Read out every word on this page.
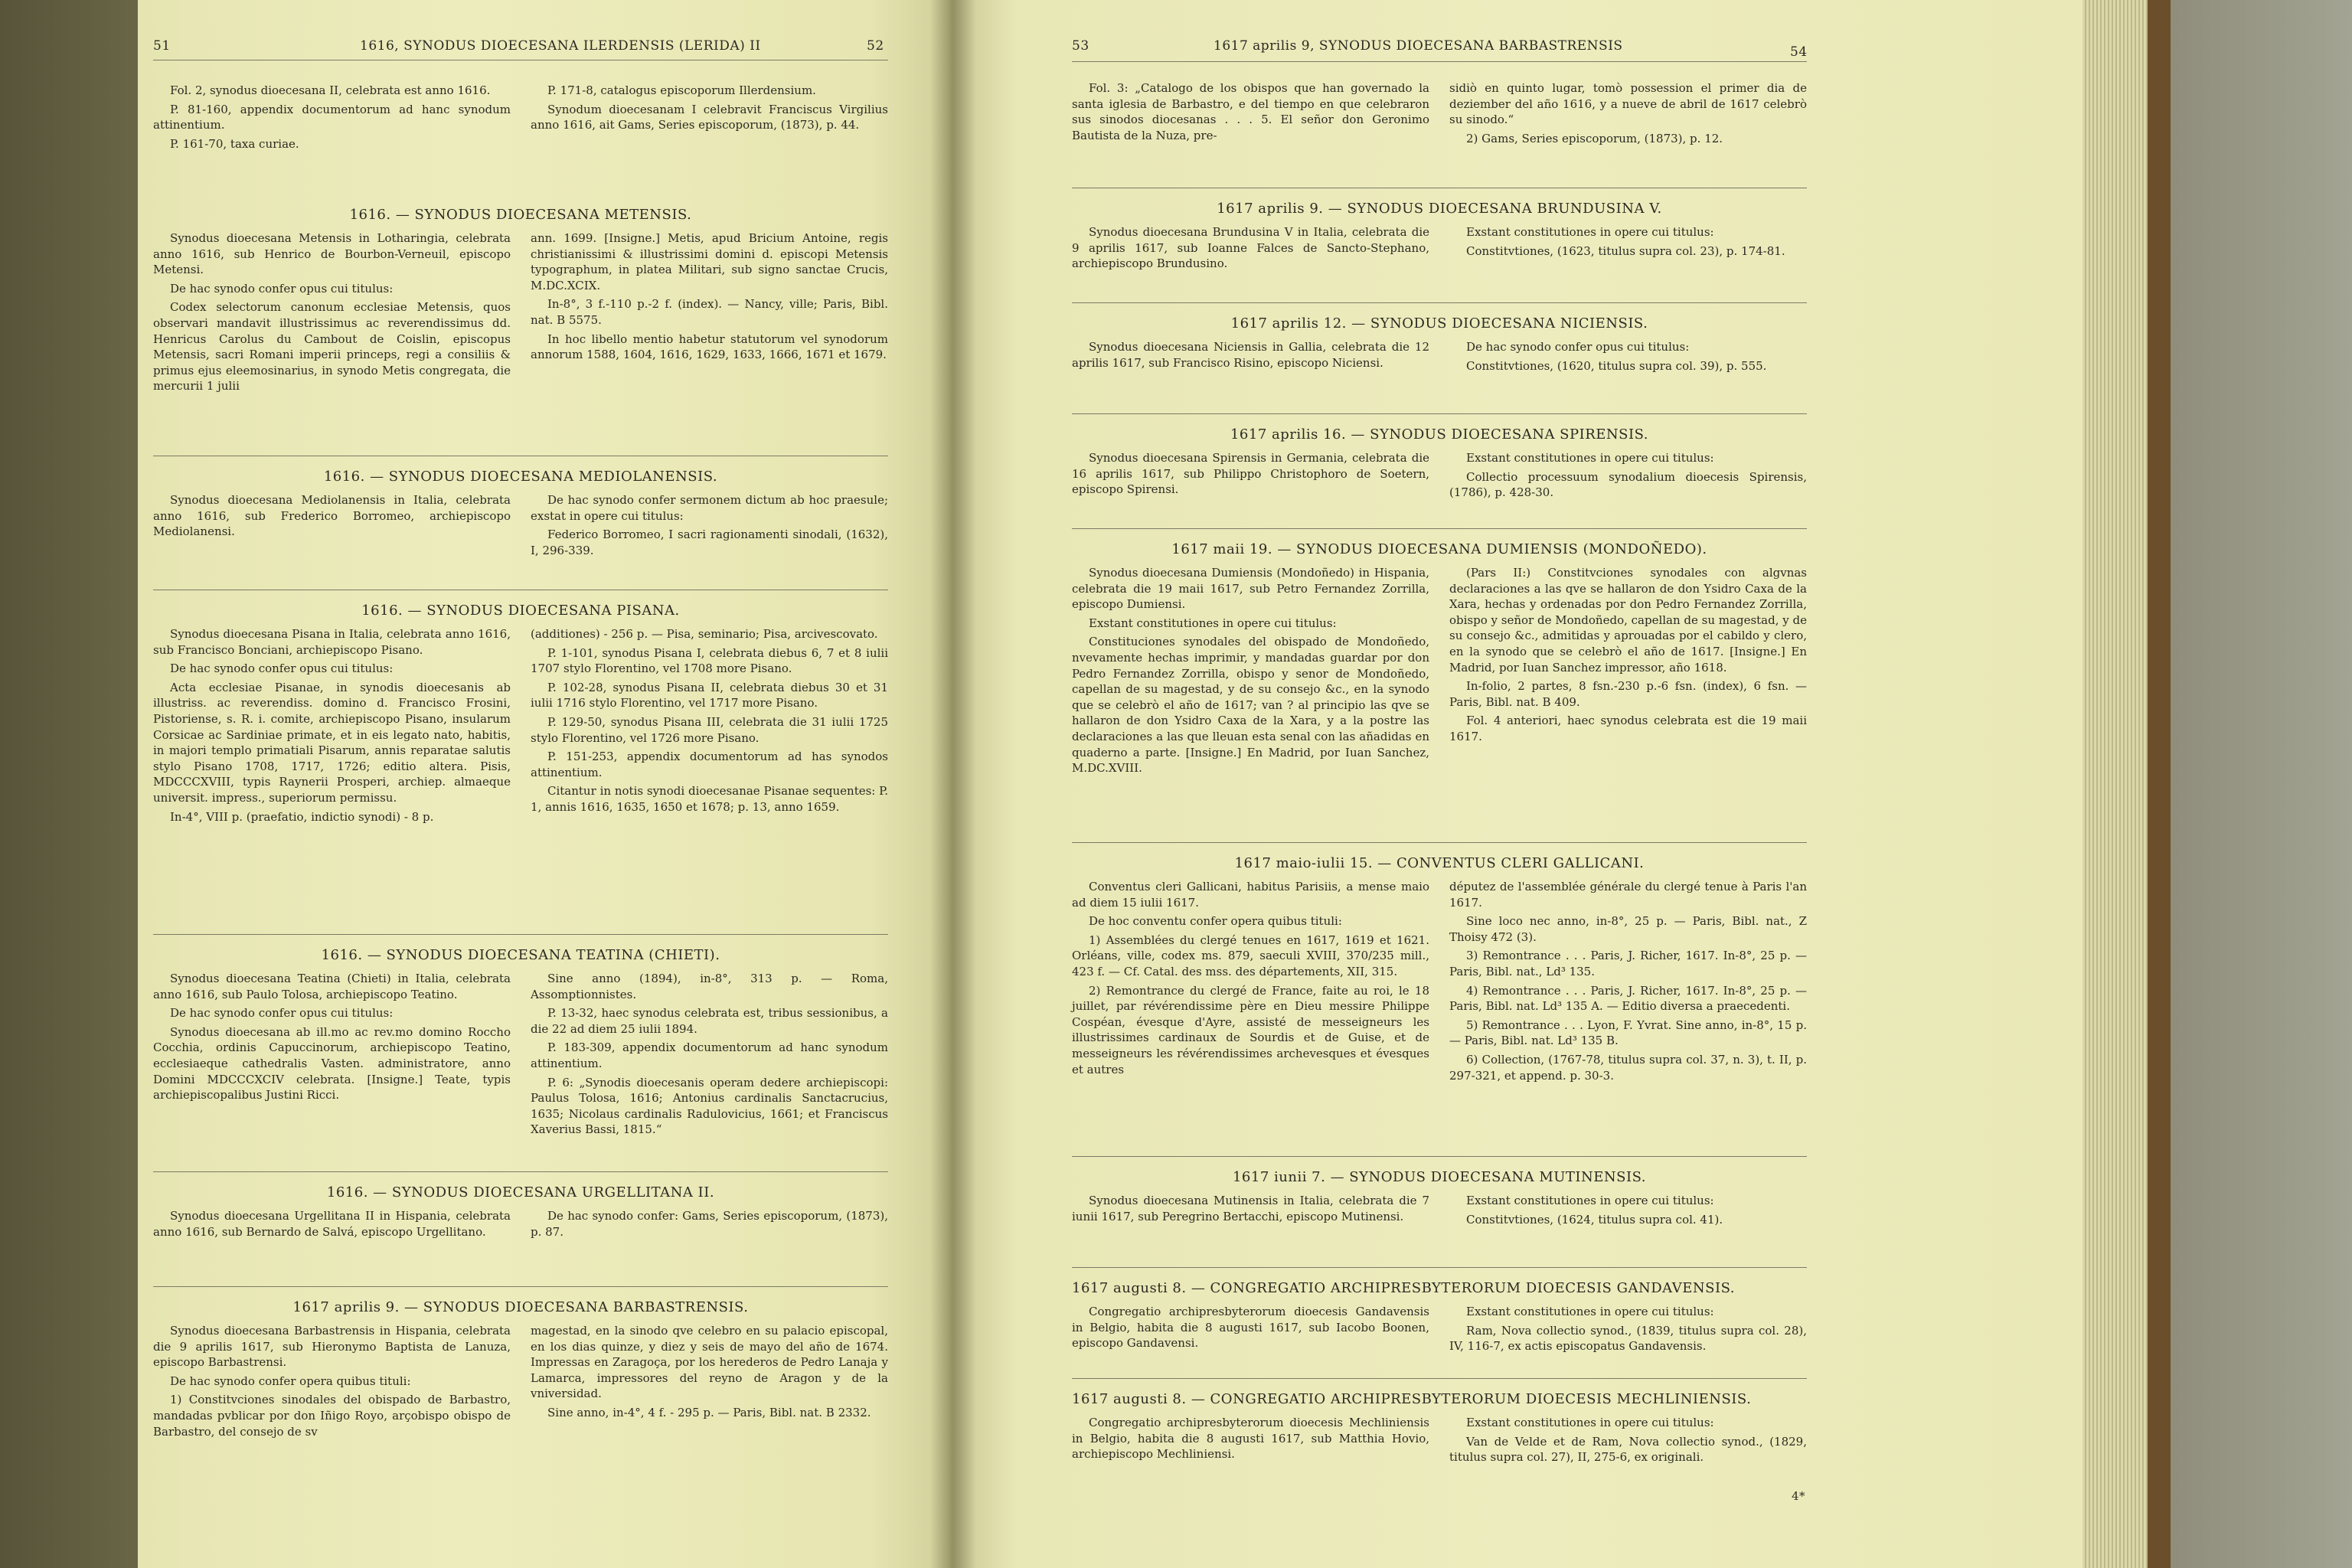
51	1616, SYNODUS DIOECESANA ILERDENSIS (LERIDA) II	52

Fol. 2, synodus dioecesana II, celebrata est anno 1616.

P. 81-160, appendix documentorum ad hanc synodum attinentium.

P. 161-70, taxa curiae.

P. 171-8, catalogus episcoporum Illerdensium.

Synodum dioecesanam I celebravit Franciscus Virgilius anno 1616, ait Gams, Series episcoporum, (1873), p. 44.

1616. — SYNODUS DIOECESANA METENSIS.

Synodus dioecesana Metensis in Lotharingia, celebrata anno 1616, sub Henrico de Bourbon-Verneuil, episcopo Metensi.

De hac synodo confer opus cui titulus:

Codex selectorum canonum ecclesiae Metensis, quos observari mandavit illustrissimus ac reverendissimus dd. Henricus Carolus du Cambout de Coislin, episcopus Metensis, sacri Romani imperii princeps, regi a consiliis & primus ejus eleemosinarius, in synodo Metis congregata, die mercurii 1 julii

ann. 1699. [Insigne.] Metis, apud Bricium Antoine, regis christianissimi & illustrissimi domini d. episcopi Metensis typographum, in platea Militari, sub signo sanctae Crucis, M.DC.XCIX.

In-8°, 3 f.-110 p.-2 f. (index). — Nancy, ville; Paris, Bibl. nat. B 5575.

In hoc libello mentio habetur statutorum vel synodorum annorum 1588, 1604, 1616, 1629, 1633, 1666, 1671 et 1679.

1616. — SYNODUS DIOECESANA MEDIOLANENSIS.

Synodus dioecesana Mediolanensis in Italia, celebrata anno 1616, sub Frederico Borromeo, archiepiscopo Mediolanensi.

De hac synodo confer sermonem dictum ab hoc praesule; exstat in opere cui titulus:

Federico Borromeo, I sacri ragionamenti sinodali, (1632), I, 296-339.

1616. — SYNODUS DIOECESANA PISANA.

Synodus dioecesana Pisana in Italia, celebrata anno 1616, sub Francisco Bonciani, archiepiscopo Pisano.

De hac synodo confer opus cui titulus:

Acta ecclesiae Pisanae, in synodis dioecesanis ab illustriss. ac reverendiss. domino d. Francisco Frosini, Pistoriense, s. R. i. comite, archiepiscopo Pisano, insularum Corsicae ac Sardiniae primate, et in eis legato nato, habitis, in majori templo primatiali Pisarum, annis reparatae salutis stylo Pisano 1708, 1717, 1726; editio altera. Pisis, MDCCCXVIII, typis Raynerii Prosperi, archiep. almaeque universit. impress., superiorum permissu.

In-4°, VIII p. (praefatio, indictio synodi) - 8 p.

(additiones) - 256 p. — Pisa, seminario; Pisa, arcivescovato.

P. 1-101, synodus Pisana I, celebrata diebus 6, 7 et 8 iulii 1707 stylo Florentino, vel 1708 more Pisano.

P. 102-28, synodus Pisana II, celebrata diebus 30 et 31 iulii 1716 stylo Florentino, vel 1717 more Pisano.

P. 129-50, synodus Pisana III, celebrata die 31 iulii 1725 stylo Florentino, vel 1726 more Pisano.

P. 151-253, appendix documentorum ad has synodos attinentium.

Citantur in notis synodi dioecesanae Pisanae sequentes: P. 1, annis 1616, 1635, 1650 et 1678; p. 13, anno 1659.

1616. — SYNODUS DIOECESANA TEATINA (CHIETI).

Synodus dioecesana Teatina (Chieti) in Italia, celebrata anno 1616, sub Paulo Tolosa, archiepiscopo Teatino.

De hac synodo confer opus cui titulus:

Synodus dioecesana ab ill.mo ac rev.mo domino Roccho Cocchia, ordinis Capuccinorum, archiepiscopo Teatino, ecclesiaeque cathedralis Vasten. administratore, anno Domini MDCCCXCIV celebrata. [Insigne.] Teate, typis archiepiscopalibus Justini Ricci.

Sine anno (1894), in-8°, 313 p. — Roma, Assomptionnistes.

P. 13-32, haec synodus celebrata est, tribus sessionibus, a die 22 ad diem 25 iulii 1894.

P. 183-309, appendix documentorum ad hanc synodum attinentium.

P. 6: „Synodis dioecesanis operam dedere archiepiscopi: Paulus Tolosa, 1616; Antonius cardinalis Sanctacrucius, 1635; Nicolaus cardinalis Radulovicius, 1661; et Franciscus Xaverius Bassi, 1815.“

1616. — SYNODUS DIOECESANA URGELLITANA II.

Synodus dioecesana Urgellitana II in Hispania, celebrata anno 1616, sub Bernardo de Salvá, episcopo Urgellitano.

De hac synodo confer: Gams, Series episcoporum, (1873), p. 87.

1617 aprilis 9. — SYNODUS DIOECESANA BARBASTRENSIS.

Synodus dioecesana Barbastrensis in Hispania, celebrata die 9 aprilis 1617, sub Hieronymo Baptista de Lanuza, episcopo Barbastrensi.

De hac synodo confer opera quibus tituli:

1) Constitvciones sinodales del obispado de Barbastro, mandadas pvblicar por don Iñigo Royo, arçobispo obispo de Barbastro, del consejo de sv

magestad, en la sinodo qve celebro en su palacio episcopal, en los dias quinze, y diez y seis de mayo del año de 1674. Impressas en Zaragoça, por los herederos de Pedro Lanaja y Lamarca, impressores del reyno de Aragon y de la vniversidad.

Sine anno, in-4°, 4 f. - 295 p. — Paris, Bibl. nat. B 2332.

53	1617 aprilis 9, SYNODUS DIOECESANA BARBASTRENSIS	54

Fol. 3: „Catalogo de los obispos que han governado la santa iglesia de Barbastro, e del tiempo en que celebraron sus sinodos diocesanas . . . 5. El señor don Geronimo Bautista de la Nuza, pre-

sidiò en quinto lugar, tomò possession el primer dia de deziember del año 1616, y a nueve de abril de 1617 celebrò su sinodo.“

2) Gams, Series episcoporum, (1873), p. 12.

1617 aprilis 9. — SYNODUS DIOECESANA BRUNDUSINA V.

Synodus dioecesana Brundusina V in Italia, celebrata die 9 aprilis 1617, sub Ioanne Falces de Sancto-Stephano, archiepiscopo Brundusino.

Exstant constitutiones in opere cui titulus:

Constitvtiones, (1623, titulus supra col. 23), p. 174-81.

1617 aprilis 12. — SYNODUS DIOECESANA NICIENSIS.

Synodus dioecesana Niciensis in Gallia, celebrata die 12 aprilis 1617, sub Francisco Risino, episcopo Niciensi.

De hac synodo confer opus cui titulus:

Constitvtiones, (1620, titulus supra col. 39), p. 555.

1617 aprilis 16. — SYNODUS DIOECESANA SPIRENSIS.

Synodus dioecesana Spirensis in Germania, celebrata die 16 aprilis 1617, sub Philippo Christophoro de Soetern, episcopo Spirensi.

Exstant constitutiones in opere cui titulus:

Collectio processuum synodalium dioecesis Spirensis, (1786), p. 428-30.

1617 maii 19. — SYNODUS DIOECESANA DUMIENSIS (MONDOÑEDO).

Synodus dioecesana Dumiensis (Mondoñedo) in Hispania, celebrata die 19 maii 1617, sub Petro Fernandez Zorrilla, episcopo Dumiensi.

Exstant constitutiones in opere cui titulus:

Constituciones synodales del obispado de Mondoñedo, nvevamente hechas imprimir, y mandadas guardar por don Pedro Fernandez Zorrilla, obispo y senor de Mondoñedo, capellan de su magestad, y de su consejo &c., en la synodo que se celebrò el año de 1617; van ? al principio las qve se hallaron de don Ysidro Caxa de la Xara, y a la postre las declaraciones a las que lleuan esta senal con las añadidas en quaderno a parte. [Insigne.] En Madrid, por Iuan Sanchez, M.DC.XVIII.

(Pars II:) Constitvciones synodales con algvnas declaraciones a las qve se hallaron de don Ysidro Caxa de la Xara, hechas y ordenadas por don Pedro Fernandez Zorrilla, obispo y señor de Mondoñedo, capellan de su magestad, y de su consejo &c., admitidas y aprouadas por el cabildo y clero, en la synodo que se celebrò el año de 1617. [Insigne.] En Madrid, por Iuan Sanchez impressor, año 1618.

In-folio, 2 partes, 8 fsn.-230 p.-6 fsn. (index), 6 fsn. — Paris, Bibl. nat. B 409.

Fol. 4 anteriori, haec synodus celebrata est die 19 maii 1617.

1617 maio-iulii 15. — CONVENTUS CLERI GALLICANI.

Conventus cleri Gallicani, habitus Parisiis, a mense maio ad diem 15 iulii 1617.

De hoc conventu confer opera quibus tituli:

1) Assemblées du clergé tenues en 1617, 1619 et 1621. Orléans, ville, codex ms. 879, saeculi XVIII, 370/235 mill., 423 f. — Cf. Catal. des mss. des départements, XII, 315.

2) Remontrance du clergé de France, faite au roi, le 18 juillet, par révérendissime père en Dieu messire Philippe Cospéan, évesque d'Ayre, assisté de messeigneurs les illustrissimes cardinaux de Sourdis et de Guise, et de messeigneurs les révérendissimes archevesques et évesques et autres

députez de l'assemblée générale du clergé tenue à Paris l'an 1617.

Sine loco nec anno, in-8°, 25 p. — Paris, Bibl. nat., Z Thoisy 472 (3).

3) Remontrance . . . Paris, J. Richer, 1617. In-8°, 25 p. — Paris, Bibl. nat., Ld³ 135.

4) Remontrance . . . Paris, J. Richer, 1617. In-8°, 25 p. — Paris, Bibl. nat. Ld³ 135 A. — Editio diversa a praecedenti.

5) Remontrance . . . Lyon, F. Yvrat. Sine anno, in-8°, 15 p. — Paris, Bibl. nat. Ld³ 135 B.

6) Collection, (1767-78, titulus supra col. 37, n. 3), t. II, p. 297-321, et append. p. 30-3.

1617 iunii 7. — SYNODUS DIOECESANA MUTINENSIS.

Synodus dioecesana Mutinensis in Italia, celebrata die 7 iunii 1617, sub Peregrino Bertacchi, episcopo Mutinensi.

Exstant constitutiones in opere cui titulus:

Constitvtiones, (1624, titulus supra col. 41).

1617 augusti 8. — CONGREGATIO ARCHIPRESBYTERORUM DIOECESIS GANDAVENSIS.

Congregatio archipresbyterorum dioecesis Gandavensis in Belgio, habita die 8 augusti 1617, sub Iacobo Boonen, episcopo Gandavensi.

Exstant constitutiones in opere cui titulus:

Ram, Nova collectio synod., (1839, titulus supra col. 28), IV, 116-7, ex actis episcopatus Gandavensis.

1617 augusti 8. — CONGREGATIO ARCHIPRESBYTERORUM DIOECESIS MECHLINIENSIS.

Congregatio archipresbyterorum dioecesis Mechliniensis in Belgio, habita die 8 augusti 1617, sub Matthia Hovio, archiepiscopo Mechliniensi.

Exstant constitutiones in opere cui titulus:

Van de Velde et de Ram, Nova collectio synod., (1829, titulus supra col. 27), II, 275-6, ex originali.

4*
